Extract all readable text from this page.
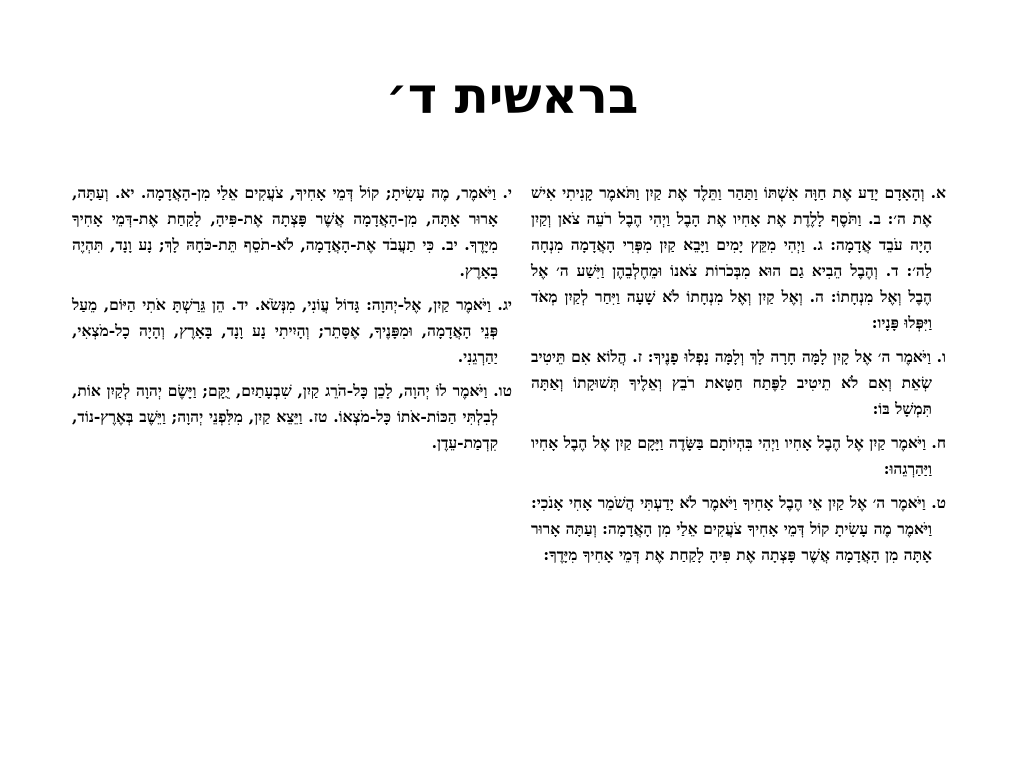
בראשית ד׳

א. וְהָאָדָם יָדַע אֶת חַוָּה אִשְׁתּוֹ וַתַּהַר וַתֵּלֶד אֶת קַיִן וַתֹּאמֶר קָנִיתִי אִישׁ אֶת ה׳: ב. וַתֹּסֶף לָלֶדֶת אֶת אָחִיו אֶת הָבֶל וַיְהִי הֶבֶל רֹעֵה צֹאן וְקַיִן הָיָה עֹבֵד אֲדָמָה: ג. וַיְהִי מִקֵּץ יָמִים וַיָּבֵא קַיִן מִפְּרִי הָאֲדָמָה מִנְחָה לַה׳: ד. וְהֶבֶל הֵבִיא גַם הוּא מִבְּכֹרוֹת צֹאנוֹ וּמֵחֶלְבֵהֶן וַיִּשַׁע ה׳ אֶל הֶבֶל וְאֶל מִנְחָתוֹ: ה. וְאֶל קַיִן וְאֶל מִנְחָתוֹ לֹא שָׁעָה וַיִּחַר לְקַיִן מְאֹד וַיִּפְּלוּ פָּנָיו:

ו. וַיֹּאמֶר ה׳ אֶל קָיִן לָמָּה חָרָה לָךְ וְלָמָּה נָפְלוּ פָנֶיךָ: ז. הֲלוֹא אִם תֵּיטִיב שְׂאֵת וְאִם לֹא תֵיטִיב לַפֶּתַח חַטָּאת רֹבֵץ וְאֵלֶיךָ תְּשׁוּקָתוֹ וְאַתָּה תִּמְשָׁל בּוֹ:

ח. וַיֹּאמֶר קַיִן אֶל הֶבֶל אָחִיו וַיְהִי בִּהְיוֹתָם בַּשָּׂדֶה וַיָּקָם קַיִן אֶל הֶבֶל אָחִיו וַיַּהַרְגֵהוּ:

ט. וַיֹּאמֶר ה׳ אֶל קַיִן אֵי הֶבֶל אָחִיךָ וַיֹּאמֶר לֹא יָדַעְתִּי הֲשֹׁמֵר אָחִי אָנֹכִי: וַיֹּאמֶר מֶה עָשִׂיתָ קוֹל דְּמֵי אָחִיךָ צֹעֲקִים אֵלַי מִן הָאֲדָמָה: וְעַתָּה אָרוּר אָתָּה מִן הָאֲדָמָה אֲשֶׁר פָּצְתָה אֶת פִּיהָ לָקַחַת אֶת דְּמֵי אָחִיךָ מִיָּדֶךָ:

י. וַיֹּאמֶר, מֶה עָשִׂיתָ; קוֹל דְּמֵי אָחִיךָ, צֹעֲקִים אֵלַי מִן-הָאֲדָמָה. יא. וְעַתָּה, אָרוּר אָתָּה, מִן-הָאֲדָמָה אֲשֶׁר פָּצְתָה אֶת-פִּיהָ, לָקַחַת אֶת-דְּמֵי אָחִיךָ מִיָּדֶךָ. יב. כִּי תַעֲבֹד אֶת-הָאֲדָמָה, לֹא-תֹסֵף תֵּת-כֹּחָהּ לָךְ; נָע וָנָד, תִּהְיֶה בָאָרֶץ.

יג. וַיֹּאמֶר קַיִן, אֶל-יְהוָה: גָּדוֹל עֲוֹנִי, מִנְּשֹׂא. יד. הֵן גֵּרַשְׁתָּ אֹתִי הַיּוֹם, מֵעַל פְּנֵי הָאֲדָמָה, וּמִפָּנֶיךָ, אֶסָּתֵר; וְהָיִיתִי נָע וָנָד, בָּאָרֶץ, וְהָיָה כָל-מֹצְאִי, יַהַרְגֵנִי.

טו. וַיֹּאמֶר לוֹ יְהוָה, לָכֵן כָּל-הֹרֵג קַיִן, שִׁבְעָתַיִם, יֻקָּם; וַיָּשֶׂם יְהוָה לְקַיִן אוֹת, לְבִלְתִּי הַכּוֹת-אֹתוֹ כָּל-מֹצְאוֹ. טז. וַיֵּצֵא קַיִן, מִלִּפְנֵי יְהוָה; וַיֵּשֶׁב בְּאֶרֶץ-נוֹד, קִדְמַת-עֵדֶן.
